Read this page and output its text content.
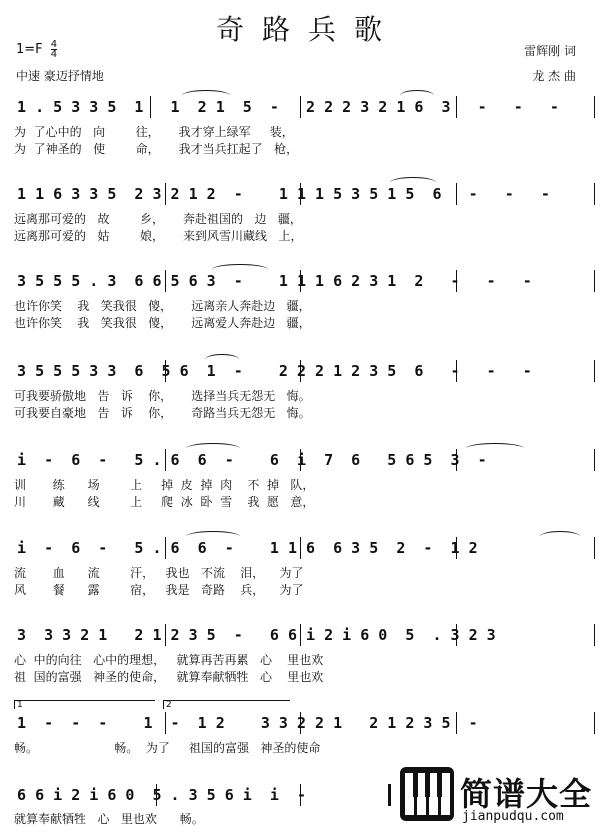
奇路兵歌
$1=F \frac{4}{4}$
中速 豪迈抒情地
雷辉刚 词
龙 杰 曲
1 . 5 3 3 5  1   1  2 1  5  -   2 2 2 3 2 1 6  3   -   -   -
为  了心中的   向        往，     我才穿上绿军     装，
为  了神圣的   使        命，     我才当兵扛起了   枪，
1 1 6 3 3 5  2 3 2 1 2  -    1 1 1 5 3 5 1 5  6   -   -   -
远离那可爱的   故        乡，     奔赴祖国的   边   疆，
远离那可爱的   姑        娘，     来到风雪川藏线   上，
3 5 5 5 . 3  6 6 5 6 3  -    1 1 1 6 2 3 1  2   -   -   -
也许你笑    我   笑我很   傻，     远离亲人奔赴边   疆，
也许你笑    我   笑我很   傻，     远离爱人奔赴边   疆，
3 5 5 5 3 3  6  5 6  1  -    2 2 2 1 2 3 5  6   -   -   -
可我要骄傲地   告   诉    你，     选择当兵无怨无   悔。
可我要自豪地   告   诉    你，     奇路当兵无怨无   悔。
i  -  6  -   5 . 6  6  -    6  i  7  6   5 6 5  3  -
训       练      场        上     掉  皮  掉  肉    不  掉   队，
川       藏      线        上     爬  冰  卧  雪    我  愿   意，
i  -  6  -   5 . 6  6  -    1 1 6  6 3 5  2  -  1 2
流       血      流        汗，   我也   不流    泪，    为了
风       餐      露        宿，   我是   奇路    兵，    为了
3  3 3 2 1   2 1 2 3 5  -   6 6 i 2 i 6 0  5  . 3 2 3
心  中的向往   心中的理想，   就算再苦再累   心    里也欢
祖  国的富强   神圣的使命，   就算奉献牺牲   心    里也欢
1	2
1  -  -  -    1  -  1 2    3 3 2 2 1   2 1 2 3 5  -
畅。                    畅。  为了     祖国的富强   神圣的使命
6 6 i 2 i 6 0  5 . 3 5 6 i  i  -
就算奉献牺牲   心   里也欢      畅。
简谱大全
jianpudqu.com
